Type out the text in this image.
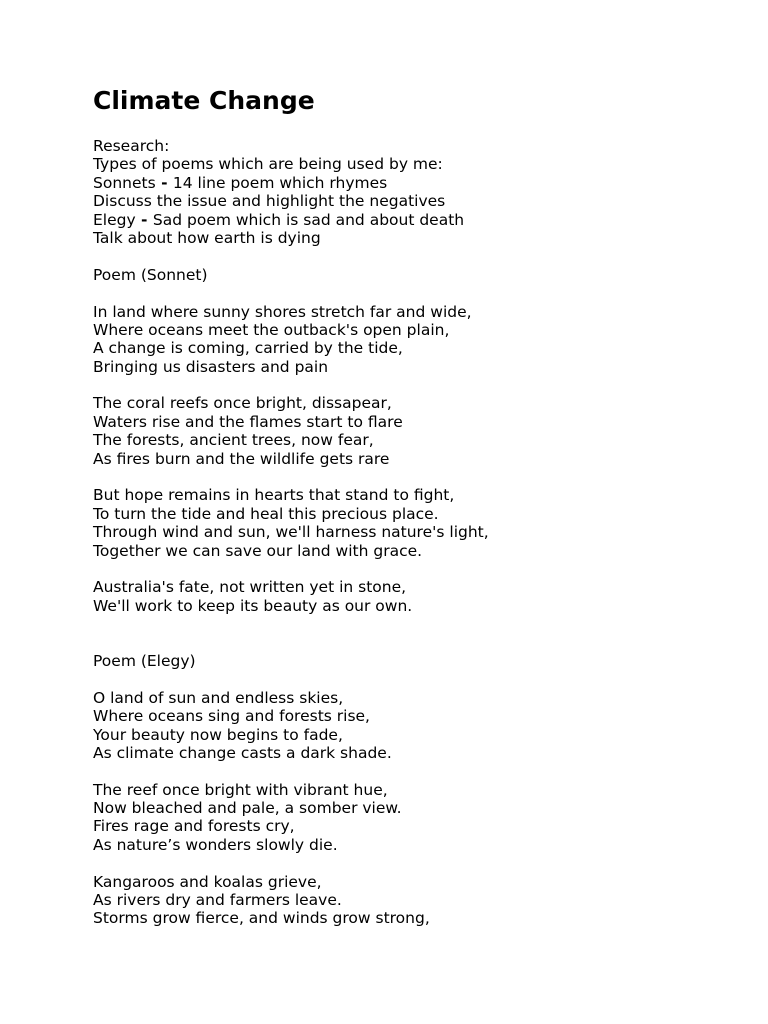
Climate Change

Research:

Types of poems which are being used by me:

Sonnets - 14 line poem which rhymes

Discuss the issue and highlight the negatives

Elegy - Sad poem which is sad and about death

Talk about how earth is dying

Poem (Sonnet)

In land where sunny shores stretch far and wide,

Where oceans meet the outback's open plain,

A change is coming, carried by the tide,

Bringing us disasters and pain

The coral reefs once bright, dissapear,

Waters rise and the flames start to flare

The forests, ancient trees, now fear,

As fires burn and the wildlife gets rare

But hope remains in hearts that stand to fight,

To turn the tide and heal this precious place.

Through wind and sun, we'll harness nature's light,

Together we can save our land with grace.

Australia's fate, not written yet in stone,

We'll work to keep its beauty as our own.

Poem (Elegy)

O land of sun and endless skies,

Where oceans sing and forests rise,

Your beauty now begins to fade,

As climate change casts a dark shade.

The reef once bright with vibrant hue,

Now bleached and pale, a somber view.

Fires rage and forests cry,

As nature’s wonders slowly die.

Kangaroos and koalas grieve,

As rivers dry and farmers leave.

Storms grow fierce, and winds grow strong,
